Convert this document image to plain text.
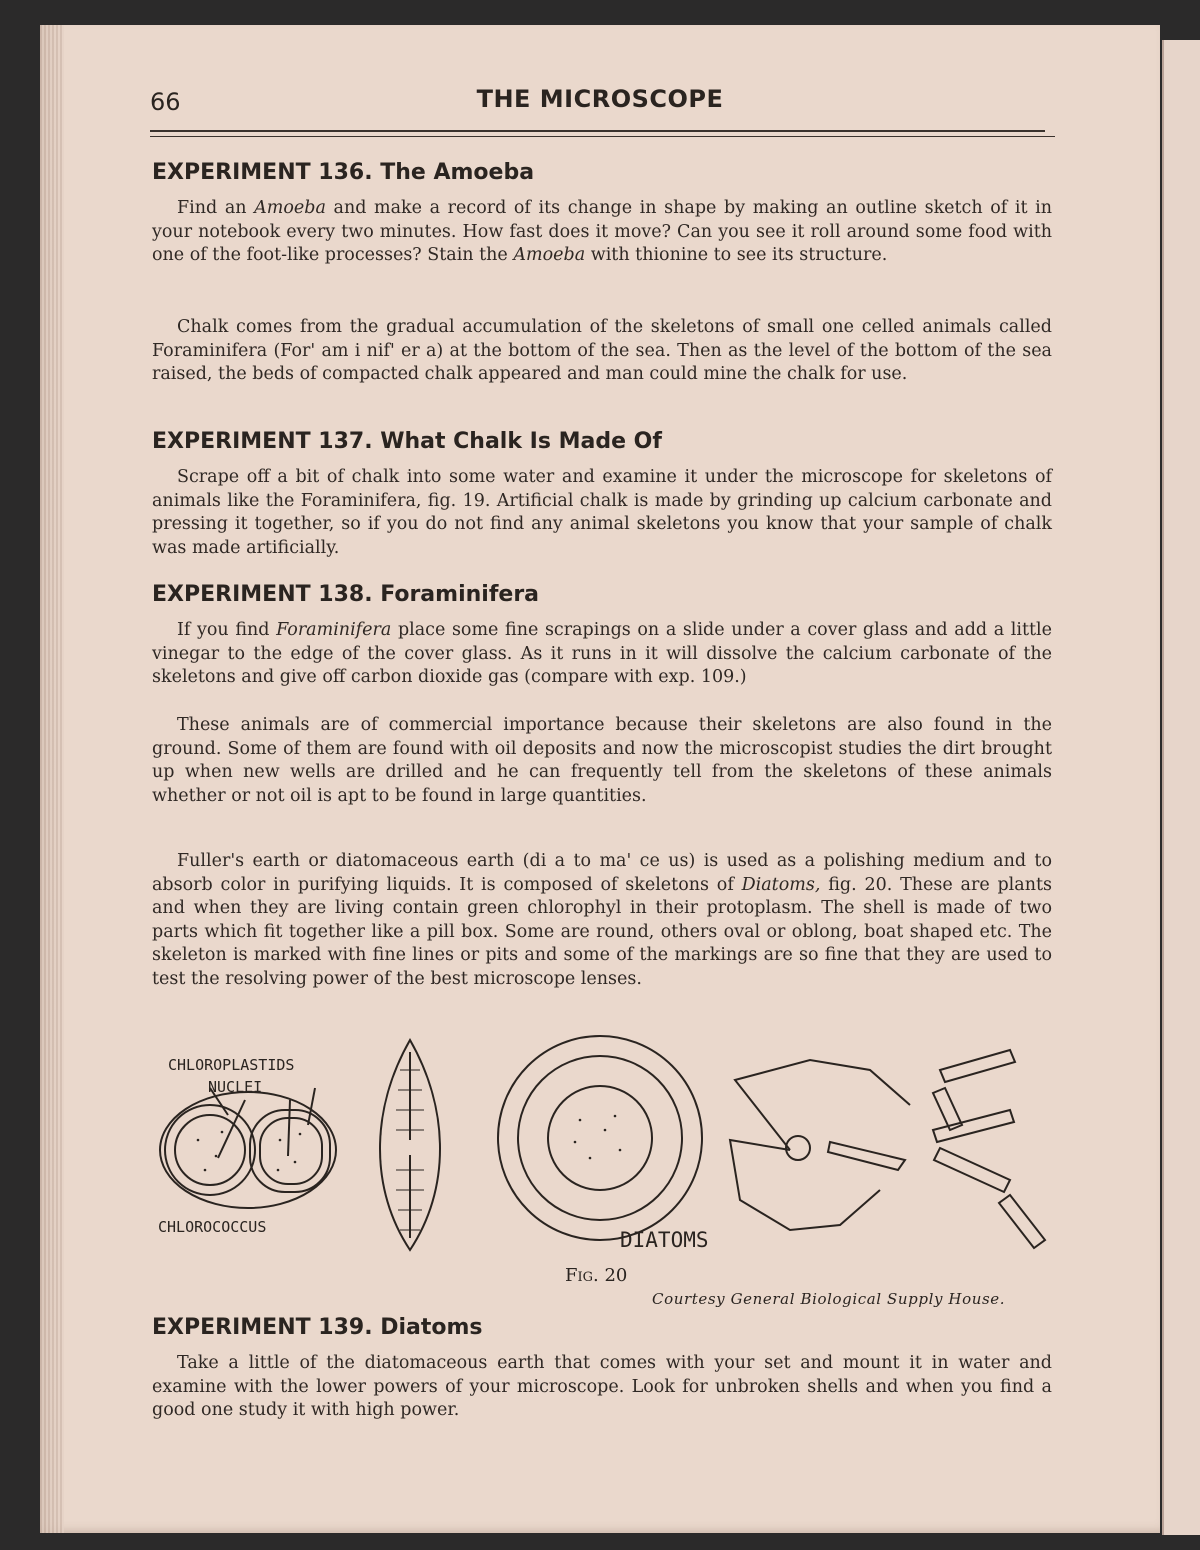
66	THE MICROSCOPE
EXPERIMENT 136. The Amoeba

Find an Amoeba and make a record of its change in shape by making an outline sketch of it in your notebook every two minutes. How fast does it move? Can you see it roll around some food with one of the foot-like processes? Stain the Amoeba with thionine to see its structure.

Chalk comes from the gradual accumulation of the skeletons of small one celled animals called Foraminifera (For' am i nif' er a) at the bottom of the sea. Then as the level of the bottom of the sea raised, the beds of compacted chalk appeared and man could mine the chalk for use.

EXPERIMENT 137. What Chalk Is Made Of

Scrape off a bit of chalk into some water and examine it under the microscope for skeletons of animals like the Foraminifera, fig. 19. Artificial chalk is made by grinding up calcium carbonate and pressing it together, so if you do not find any animal skeletons you know that your sample of chalk was made artificially.

EXPERIMENT 138. Foraminifera

If you find Foraminifera place some fine scrapings on a slide under a cover glass and add a little vinegar to the edge of the cover glass. As it runs in it will dissolve the calcium carbonate of the skeletons and give off carbon dioxide gas (compare with exp. 109.)

These animals are of commercial importance because their skeletons are also found in the ground. Some of them are found with oil deposits and now the microscopist studies the dirt brought up when new wells are drilled and he can frequently tell from the skeletons of these animals whether or not oil is apt to be found in large quantities.

Fuller's earth or diatomaceous earth (di a to ma' ce us) is used as a polishing medium and to absorb color in purifying liquids. It is composed of skeletons of Diatoms, fig. 20. These are plants and when they are living contain green chlorophyl in their protoplasm. The shell is made of two parts which fit together like a pill box. Some are round, others oval or oblong, boat shaped etc. The skeleton is marked with fine lines or pits and some of the markings are so fine that they are used to test the resolving power of the best microscope lenses.

CHLOROPLASTIDS
NUCLEI
CHLOROCOCCUS
DIATOMS
Fig. 20
Courtesy General Biological Supply House.
EXPERIMENT 139. Diatoms

Take a little of the diatomaceous earth that comes with your set and mount it in water and examine with the lower powers of your microscope. Look for unbroken shells and when you find a good one study it with high power.
